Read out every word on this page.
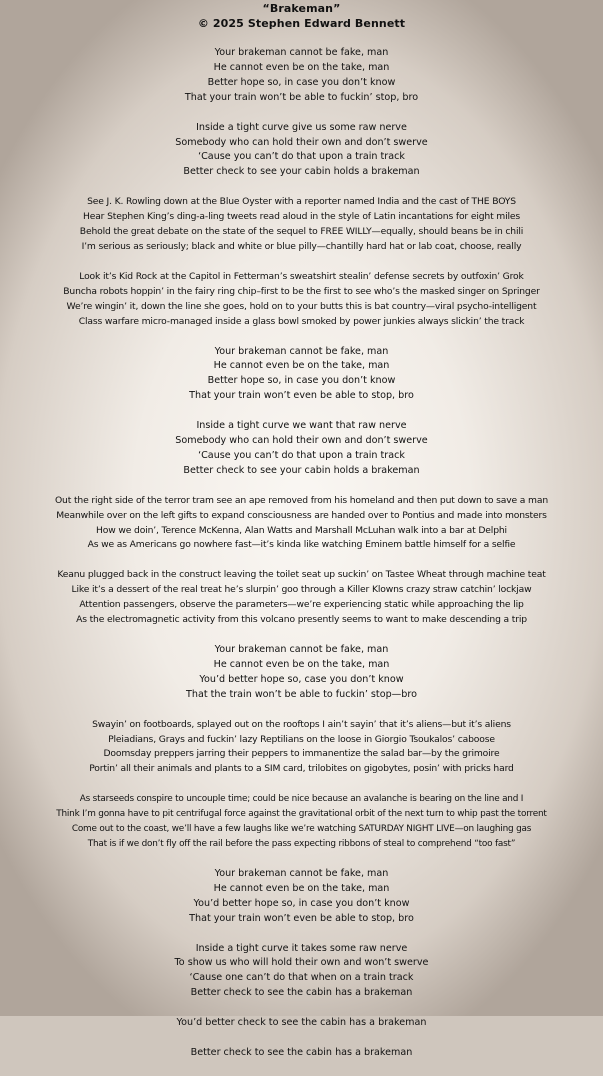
“Brakeman”
© 2025 Stephen Edward Bennett
Your brakeman cannot be fake, man
He cannot even be on the take, man
Better hope so, in case you don’t know
That your train won’t be able to fuckin’ stop, bro
Inside a tight curve give us some raw nerve
Somebody who can hold their own and don’t swerve
‘Cause you can’t do that upon a train track
Better check to see your cabin holds a brakeman
See J. K. Rowling down at the Blue Oyster with a reporter named India and the cast of THE BOYS
Hear Stephen King’s ding-a-ling tweets read aloud in the style of Latin incantations for eight miles
Behold the great debate on the state of the sequel to FREE WILLY—equally, should beans be in chili
I’m serious as seriously; black and white or blue pilly—chantilly hard hat or lab coat, choose, really
Look it’s Kid Rock at the Capitol in Fetterman’s sweatshirt stealin’ defense secrets by outfoxin’ Grok
Buncha robots hoppin’ in the fairy ring chip–first to be the first to see who’s the masked singer on Springer
We’re wingin’ it, down the line she goes, hold on to your butts this is bat country—viral psycho-intelligent
Class warfare micro-managed inside a glass bowl smoked by power junkies always slickin’ the track
Your brakeman cannot be fake, man
He cannot even be on the take, man
Better hope so, in case you don’t know
That your train won’t even be able to stop, bro
Inside a tight curve we want that raw nerve
Somebody who can hold their own and don’t swerve
‘Cause you can’t do that upon a train track
Better check to see your cabin holds a brakeman
Out the right side of the terror tram see an ape removed from his homeland and then put down to save a man
Meanwhile over on the left gifts to expand consciousness are handed over to Pontius and made into monsters
How we doin’, Terence McKenna, Alan Watts and Marshall McLuhan walk into a bar at Delphi
As we as Americans go nowhere fast—it’s kinda like watching Eminem battle himself for a selfie
Keanu plugged back in the construct leaving the toilet seat up suckin’ on Tastee Wheat through machine teat
Like it’s a dessert of the real treat he’s slurpin’ goo through a Killer Klowns crazy straw catchin’ lockjaw
Attention passengers, observe the parameters—we’re experiencing static while approaching the lip
As the electromagnetic activity from this volcano presently seems to want to make descending a trip
Your brakeman cannot be fake, man
He cannot even be on the take, man
You’d better hope so, case you don’t know
That the train won’t be able to fuckin’ stop—bro
Swayin’ on footboards, splayed out on the rooftops I ain’t sayin’ that it’s aliens—but it’s aliens
Pleiadians, Grays and fuckin’ lazy Reptilians on the loose in Giorgio Tsoukalos’ caboose
Doomsday preppers jarring their peppers to immanentize the salad bar—by the grimoire
Portin’ all their animals and plants to a SIM card, trilobites on gigobytes, posin’ with pricks hard
As starseeds conspire to uncouple time; could be nice because an avalanche is bearing on the line and I
Think I’m gonna have to pit centrifugal force against the gravitational orbit of the next turn to whip past the torrent
Come out to the coast, we’ll have a few laughs like we’re watching SATURDAY NIGHT LIVE—on laughing gas
That is if we don’t fly off the rail before the pass expecting ribbons of steal to comprehend “too fast”
Your brakeman cannot be fake, man
He cannot even be on the take, man
You’d better hope so, in case you don’t know
That your train won’t even be able to stop, bro
Inside a tight curve it takes some raw nerve
To show us who will hold their own and won’t swerve
‘Cause one can’t do that when on a train track
Better check to see the cabin has a brakeman
You’d better check to see the cabin has a brakeman
Better check to see the cabin has a brakeman
